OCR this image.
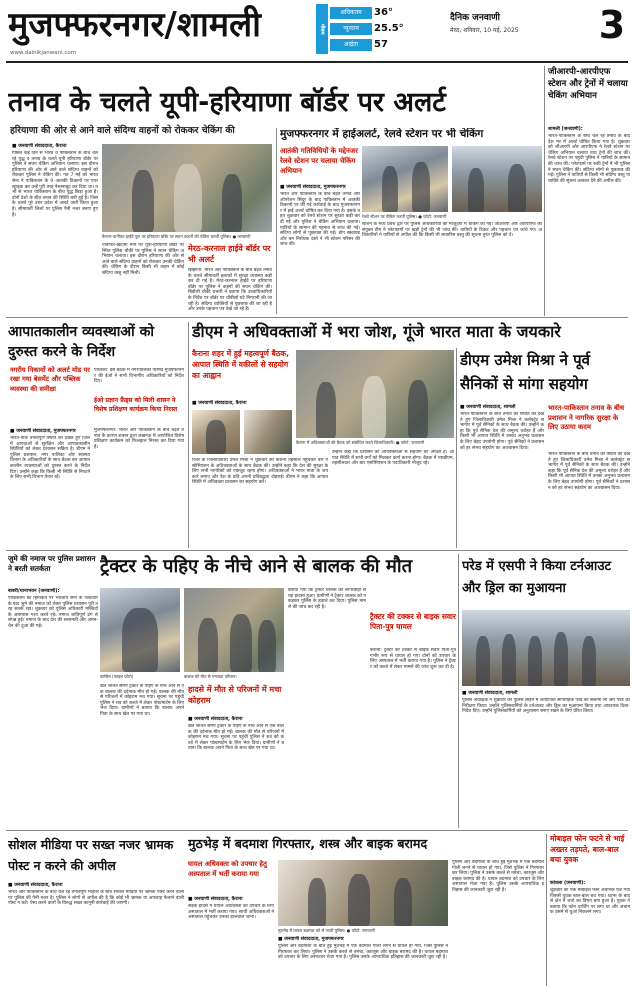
मुजफ्फरनगर/शामली
www.dainikjanwani.com
मौसम
अधिकतम	36°
न्यूनतम	25.5°
आर्द्रता	57
दैनिक जनवाणी
मेरठ, शनिवार, 10 मई, 2025	3
तनाव के चलते यूपी-हरियाणा बॉर्डर पर अलर्ट
हरियाणा की ओर से आने वाले संदिग्ध वाहनों को रोककर चेकिंग की
■ जनवाणी संवाददाता, कैराना
पिछले कई दिन से भारत व पाकिस्तान के बीच चल रहे युद्ध व तनाव के चलते यूपी हरियाणा बॉर्डर पर पुलिस ने सघन चेकिंग अभियान चलाया। इस दौरान हरियाणा की ओर से आने वाले संदिग्ध वाहनों को रोककर पुलिस ने चेकिंग की। गत 7 मई को भारत सेना ने पाकिस्तान के 9 आतंकी ठिकानों पर एयर स्ट्राइक कर उन्हें पूरी तरह नेस्तनाबूद कर दिया था। तभी से भारत पाकिस्तान के बीच युद्ध छिड़ा हुआ है। दोनों देशों के बीच तनाव की स्थिति बनी हुई है। जिसके चलते पूरे उत्तर प्रदेश में अलर्ट जारी किया हुआ है। सीमावर्ती जिलों पर पुलिस पैनी नजर बनाए हुए है।
कैराना-पानीपत हाईवे पुल पर हरियाणा बॉर्डर पर सघन वाहनों की चेकिंग करती पुलिस। ● जनवाणी
पानीपत-खटीमा मार्ग पर यूपी-हरियाणा बॉर्डर पर स्थित पुलिस चौकी पर पुलिस ने सघन चेकिंग अभियान चलाया। इस दौरान हरियाणा की ओर से आने वाले संदिग्ध वाहनों को रोककर उनकी चेकिंग की। चेकिंग के दौरान किसी भी वाहन में कोई संदिग्ध वस्तु नहीं मिली।
मेरठ-करनाल हाईवे बॉर्डर पर भी अलर्ट
झिंझाना: भारत और पाकिस्तान के बीच बढ़ते तनाव के चलते सीमावर्ती इलाकों में सुरक्षा व्यवस्था कड़ी कर दी गई है। मेरठ-करनाल हाईवे पर हरियाणा बॉर्डर पर पुलिस ने वाहनों की सघन चेकिंग की। बिडौली चौकी प्रभारी ने बताया कि उच्चाधिकारियों के निर्देश पर बॉर्डर पर चौबीसों घंटे निगरानी की जा रही है। संदिग्ध व्यक्तियों से पूछताछ की जा रही है और उनके पहचान पत्र देखे जा रहे हैं।
मुजफ्फरनगर में हाईअलर्ट, रेलवे स्टेशन पर भी चेकिंग
आतंकी गतिविधियों के मद्देनजर रेलवे स्टेशन पर चलाया चेकिंग अभियान
■ जनवाणी संवाददाता, मुजफ्फरनगर
भारत और पाकिस्तान के बीच बढ़ते तनाव और ऑपरेशन सिंदूर के बाद पाकिस्तान में आतंकी ठिकानों पर की गई कार्रवाई के बाद मुजफ्फरनगर में हाई अलर्ट घोषित कर दिया गया है। इसके तहत शुक्रवार को रेलवे स्टेशन पर सुरक्षा कड़ी कर दी गई और पुलिस ने चेकिंग अभियान चलाया। यात्रियों के सामान की गहनता से जांच की गई। संदिग्ध लोगों से पूछताछ की गई। डॉग स्क्वायड और बम निरोधक दस्ते ने भी स्टेशन परिसर की जांच की।
रेलवे स्टेशन पर चेकिंग करती पुलिस। ● फोटो: जनवाणी
स्टेशन के मध्य प्रवेश द्वार पर पुलिस अधिकारियों की मौजूदगी में चेकिंग की गई। जीआरपी और आरपीएफ की संयुक्त टीम ने प्लेटफार्मों पर खड़ी ट्रेनों की भी जांच की। यात्रियों के टिकट और पहचान पत्र जांचे गए। अधिकारियों ने यात्रियों से अपील की कि किसी भी लावारिस वस्तु की सूचना तुरंत पुलिस को दें।
जीआरपी-आरपीएफ स्टेशन और ट्रेनों में चलाया चेकिंग अभियान
शामली (जनवाणी):
भारत-पाकिस्तान के बीच चल रहे तनाव के बाद देश भर में अलर्ट घोषित किया गया है। शुक्रवार को जीआरपी और आरपीएफ ने रेलवे स्टेशन पर चेकिंग अभियान चलाया तथा ट्रेनों की जांच की। रेलवे स्टेशन पर पहुंची पुलिस ने यात्रियों के सामान की जांच की। प्लेटफार्म पर रुकी ट्रेनों में भी पुलिस ने सघन चेकिंग की। संदिग्ध लोगों से पूछताछ की गई। पुलिस ने यात्रियों से किसी भी संदिग्ध वस्तु या व्यक्ति की सूचना तत्काल देने की अपील की।
आपातकालीन व्यवस्थाओं को दुरुस्त करने के निर्देश
नगरीय निकायों को अलर्ट मोड पर रखा गया बेसमेंट और पब्लिक व्यवस्था की समीक्षा
■ जनवाणी संवाददाता, मुजफ्फरनगर
भारत-पाक तनावपूर्ण स्थिति को देखते हुए जिले में आपदाओं से सुरक्षित और आपातकालीन स्थितियों को लेकर प्रशासन सक्रिय है। डीएम ने पुलिस प्रशासन, नगर पालिका और स्वास्थ्य विभाग के अधिकारियों के साथ बैठक कर आपातकालीन व्यवस्थाओं को दुरुस्त करने के निर्देश दिए। उन्होंने कहा कि किसी भी स्थिति से निपटने के लिए सभी विभाग तैयार रहें।
पालिका: इस बैठक में नगरपालिका परिषद मुजफ्फरनगर की ईओ ने सभी विभागीय अधिकारियों को निर्देश दिए।
ईओ प्रज्ञान फ्रैंड्स को मिली शासन ने विशेष प्रशिक्षण कार्यक्रम किया निरस्त
मुजफ्फरनगर: भारत और पाकिस्तान के बीच बढ़ते तनाव के कारण शासन द्वारा लखनऊ में आयोजित विशेष प्रशिक्षण कार्यक्रम को फिलहाल निरस्त कर दिया गया है।
डीएम ने अधिवक्ताओं में भरा जोश, गूंजे भारत माता के जयकारे
कैराना शहर में हुई महत्वपूर्ण बैठक, आपात स्थिति में वकीलों से सहयोग का आह्वान
■ जनवाणी संवाददाता, कैराना
कैराना में अधिवक्ताओं की बैठक को संबोधित करते जिलाधिकारी। ● फोटो: जनवाणी
जिले के जिलाधिकारी उमेश मिश्रा ने शुक्रवार को कैराना तहसील पहुंचकर बार एसोसिएशन के अधिवक्ताओं के साथ बैठक की। उन्होंने कहा कि देश की सुरक्षा के लिए सभी नागरिकों को एकजुट रहना होगा। अधिवक्ताओं ने भारत माता के जयकारे लगाए और देश के प्रति अपनी प्रतिबद्धता दोहराई। डीएम ने कहा कि आपात स्थिति में अधिवक्ता प्रशासन का सहयोग करें।
उन्होंने कहा कि प्रशासन को अधिवक्ताओं से सहयोग की अपेक्षा है। आपात स्थिति में सभी वर्गों को मिलकर कार्य करना होगा। बैठक में एसडीएम, तहसीलदार और बार एसोसिएशन के पदाधिकारी मौजूद रहे।
डीएम उमेश मिश्रा ने पूर्व सैनिकों से मांगा सहयोग
■ जनवाणी संवाददाता, शामली
भारत-पाकिस्तान के बीच तनाव की स्थिति को देखते हुए जिलाधिकारी उमेश मिश्रा ने कलेक्ट्रेट सभागार में पूर्व सैनिकों के साथ बैठक की। उन्होंने कहा कि पूर्व सैनिक देश की अमूल्य धरोहर हैं और किसी भी आपात स्थिति में उनका अनुभव प्रशासन के लिए बेहद उपयोगी होगा। पूर्व सैनिकों ने प्रशासन को हर संभव सहयोग का आश्वासन दिया।
भारत-पाकिस्तान तनाव के बीच प्रशासन ने नागरिक सुरक्षा के लिए उठाया कदम
भारत-पाकिस्तान के बीच तनाव की स्थिति को देखते हुए जिलाधिकारी उमेश मिश्रा ने कलेक्ट्रेट सभागार में पूर्व सैनिकों के साथ बैठक की। उन्होंने कहा कि पूर्व सैनिक देश की अमूल्य धरोहर हैं और किसी भी आपात स्थिति में उनका अनुभव प्रशासन के लिए बेहद उपयोगी होगा। पूर्व सैनिकों ने प्रशासन को हर संभव सहयोग का आश्वासन दिया।
जुमे की नमाज पर पुलिस प्रशासन ने बरती सतर्कता
बाबरी/थानाभवन (जनवाणी):
पाकिस्तान की हिमाकत पर भारतीय सेना के पलटवार के बाद जुमे की नमाज को लेकर पुलिस प्रशासन पूरी तरह सतर्क रहा। शुक्रवार को पुलिस अधिकारी मस्जिदों के आसपास गश्त करते रहे। नमाज शांतिपूर्ण ढंग से संपन्न हुई। नमाज के बाद देश की सलामती और अमन-चैन की दुआ की गई।
ट्रैक्टर के पहिए के नीचे आने से बालक की मौत
कासिम (फाइल फोटो)	बालक की मौत से गमजदा परिजन।
खेत जोतते समय ट्रैक्टर के पहिए के नीचे आने से एक बालक की दर्दनाक मौत हो गई। बालक की मौत से परिजनों में कोहराम मच गया। सूचना पर पहुंची पुलिस ने शव को कब्जे में लेकर पोस्टमार्टम के लिए भेज दिया। ग्रामीणों ने बताया कि बालक अपने पिता के साथ खेत पर गया था।
हादसे में मौत से परिजनों में मचा कोहराम
■ जनवाणी संवाददाता, कैराना
खेत जोतते समय ट्रैक्टर के पहिए के नीचे आने से एक बालक की दर्दनाक मौत हो गई। बालक की मौत से परिजनों में कोहराम मच गया। सूचना पर पहुंची पुलिस ने शव को कब्जे में लेकर पोस्टमार्टम के लिए भेज दिया। ग्रामीणों ने बताया कि बालक अपने पिता के साथ खेत पर गया था।
बताया गया कि ट्रैक्टर चालक की लापरवाही से यह हादसा हुआ। ग्रामीणों ने ट्रैक्टर चालक को पकड़कर पुलिस के हवाले कर दिया। पुलिस मामले की जांच कर रही है।
ट्रैक्टर की टक्कर से बाइक सवार पिता-पुत्र घायल
कैराना: ट्रैक्टर की टक्कर से बाइक सवार पिता-पुत्र गंभीर रूप से घायल हो गए। दोनों को उपचार के लिए अस्पताल में भर्ती कराया गया है। पुलिस ने ट्रैक्टर को कब्जे में लेकर मामले की जांच शुरू कर दी है।
परेड में एसपी ने किया टर्नआउट और ड्रिल का मुआयना
■ जनवाणी संवाददाता, शामली
पुलिस अधीक्षक ने शुक्रवार को पुलिस लाइन में आयोजित साप्ताहिक परेड की सलामी ली और परेड का निरीक्षण किया। उन्होंने पुलिसकर्मियों के टर्नआउट और ड्रिल का मुआयना किया तथा आवश्यक दिशा-निर्देश दिए। उन्होंने पुलिसकर्मियों को अनुशासन बनाए रखने के लिए प्रेरित किया।
सोशल मीडिया पर सख्त नजर भ्रामक पोस्ट न करने की अपील
■ जनवाणी संवाददाता, कैराना
भारत और पाकिस्तान के बीच चल रहे तनावपूर्ण माहौल के बीच सोशल मीडिया पर भ्रामक पोस्ट करने वालों पर पुलिस की पैनी नजर है। पुलिस ने लोगों से अपील की है कि कोई भी भ्रामक या अफवाह फैलाने वाली पोस्ट न करें। ऐसा करने वालों के विरुद्ध सख्त कानूनी कार्रवाई की जाएगी।
मुठभेड़ में बदमाश गिरफ्तार, शस्त्र और बाइक बरामद
घायल अधिवक्ता को उपचार हेतु अस्पताल में भर्ती कराया गया
■ जनवाणी संवाददाता, कैराना
सड़क हादसे में घायल अधिवक्ता को उपचार के लिए अस्पताल में भर्ती कराया गया। साथी अधिवक्ताओं ने अस्पताल पहुंचकर उनका हालचाल जाना।
मुठभेड़ में घायल बदमाश को ले जाती पुलिस। ● फोटो: जनवाणी
■ जनवाणी संवाददाता, मुजफ्फरनगर
पुलिस और बदमाशों के बीच हुई मुठभेड़ में एक बदमाश गोली लगने से घायल हो गया, जिसे पुलिस ने गिरफ्तार कर लिया। पुलिस ने उसके कब्जे से तमंचा, कारतूस और बाइक बरामद की है। घायल बदमाश को उपचार के लिए अस्पताल भेजा गया है। पुलिस उसके आपराधिक इतिहास की जानकारी जुटा रही है।
पुलिस और बदमाशों के बीच हुई मुठभेड़ में एक बदमाश गोली लगने से घायल हो गया, जिसे पुलिस ने गिरफ्तार कर लिया। पुलिस ने उसके कब्जे से तमंचा, कारतूस और बाइक बरामद की है। घायल बदमाश को उपचार के लिए अस्पताल भेजा गया है। पुलिस उसके आपराधिक इतिहास की जानकारी जुटा रही है।
मोबाइल फोन फटने से भाई अख्तर तड़पते, बाल-बाल बचा युवक
कांधला (जनवाणी):
शुक्रवार को एक मोबाइल फोन अचानक फट गया जिससे युवक बाल-बाल बच गया। घटना के बाद से क्षेत्र में चर्चा का विषय बना हुआ है। युवक ने बताया कि फोन चार्जिंग पर लगा था और अचानक उसमें से धुआं निकलने लगा।
